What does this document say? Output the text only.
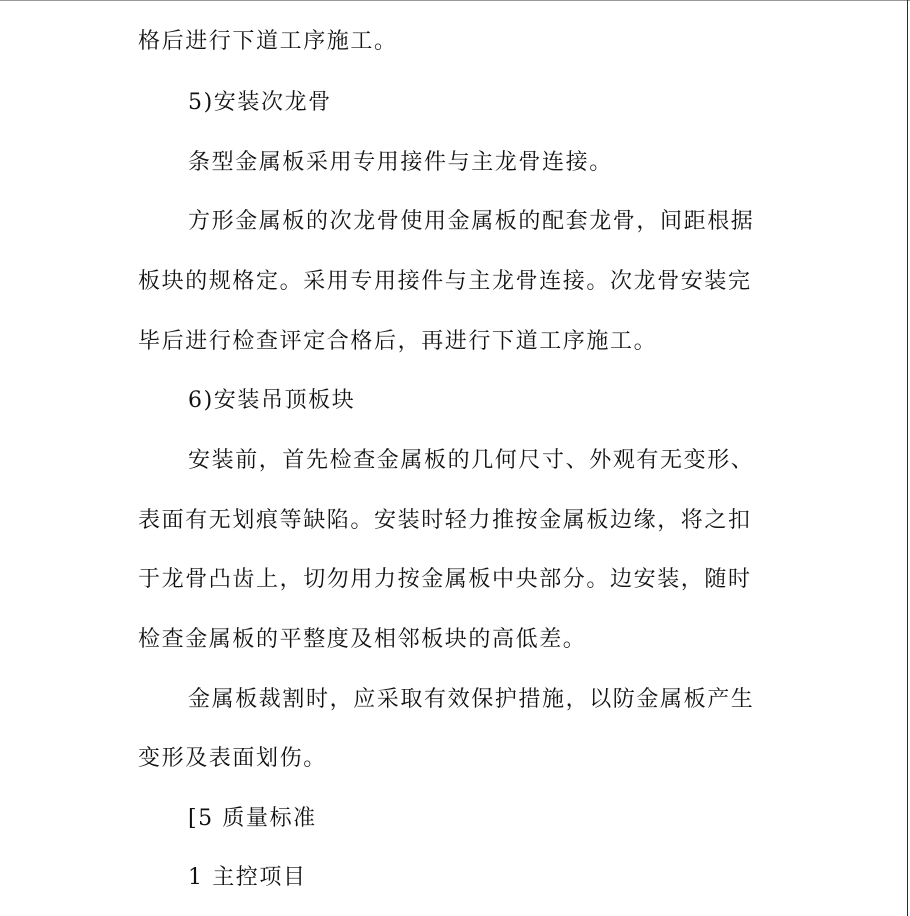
格后进行下道工序施工。
5)安装次龙骨
条型金属板采用专用接件与主龙骨连接。
方形金属板的次龙骨使用金属板的配套龙骨，间距根据
板块的规格定。采用专用接件与主龙骨连接。次龙骨安装完
毕后进行检查评定合格后，再进行下道工序施工。
6)安装吊顶板块
安装前，首先检查金属板的几何尺寸、外观有无变形、
表面有无划痕等缺陷。安装时轻力推按金属板边缘，将之扣
于龙骨凸齿上，切勿用力按金属板中央部分。边安装，随时
检查金属板的平整度及相邻板块的高低差。
金属板裁割时，应采取有效保护措施，以防金属板产生
变形及表面划伤。
[5 质量标准
1 主控项目
